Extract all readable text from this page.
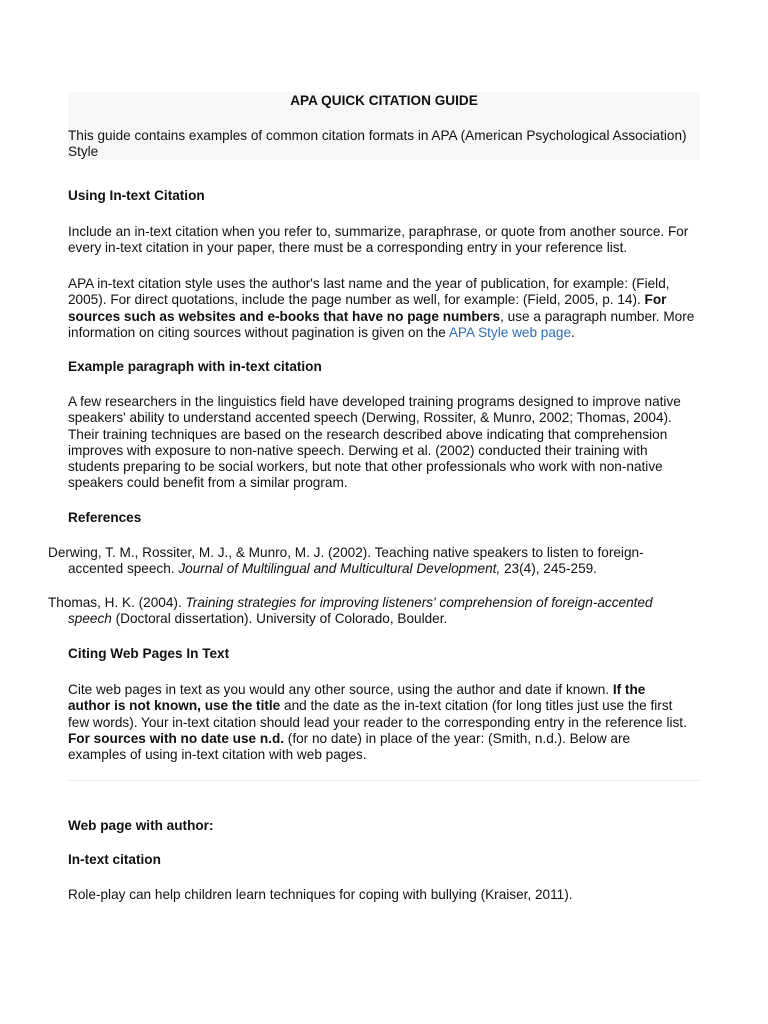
APA QUICK CITATION GUIDE
This guide contains examples of common citation formats in APA (American Psychological Association) Style
Using In-text Citation
Include an in-text citation when you refer to, summarize, paraphrase, or quote from another source. For every in-text citation in your paper, there must be a corresponding entry in your reference list.
APA in-text citation style uses the author's last name and the year of publication, for example: (Field, 2005). For direct quotations, include the page number as well, for example: (Field, 2005, p. 14). For sources such as websites and e-books that have no page numbers, use a paragraph number. More information on citing sources without pagination is given on the APA Style web page.
Example paragraph with in-text citation
A few researchers in the linguistics field have developed training programs designed to improve native speakers' ability to understand accented speech (Derwing, Rossiter, & Munro, 2002; Thomas, 2004). Their training techniques are based on the research described above indicating that comprehension improves with exposure to non-native speech. Derwing et al. (2002) conducted their training with students preparing to be social workers, but note that other professionals who work with non-native speakers could benefit from a similar program.
References
Derwing, T. M., Rossiter, M. J., & Munro, M. J. (2002). Teaching native speakers to listen to foreign-accented speech. Journal of Multilingual and Multicultural Development, 23(4), 245-259.
Thomas, H. K. (2004). Training strategies for improving listeners' comprehension of foreign-accented speech (Doctoral dissertation). University of Colorado, Boulder.
Citing Web Pages In Text
Cite web pages in text as you would any other source, using the author and date if known. If the author is not known, use the title and the date as the in-text citation (for long titles just use the first few words). Your in-text citation should lead your reader to the corresponding entry in the reference list. For sources with no date use n.d. (for no date) in place of the year: (Smith, n.d.). Below are examples of using in-text citation with web pages.
Web page with author:
In-text citation
Role-play can help children learn techniques for coping with bullying (Kraiser, 2011).
